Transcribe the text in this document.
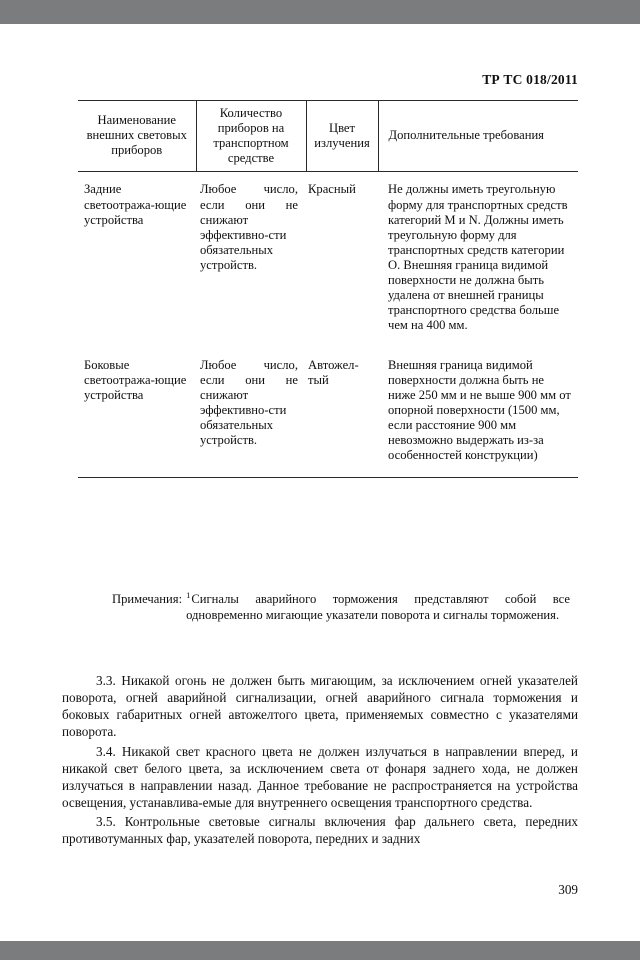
ТР ТС 018/2011
Наименование внешних световых приборов	Количество приборов на транспортном средстве	Цвет излучения	Дополнительные требования
Задние светоотража-ющие устройства	Любое число, если они не снижают эффективно-сти обязательных устройств.	Красный	Не должны иметь треугольную форму для транспортных средств категорий M и N. Должны иметь треугольную форму для транспортных средств категории O. Внешняя граница видимой поверхности не должна быть удалена от внешней границы транспортного средства больше чем на 400 мм.
Боковые светоотража-ющие устройства	Любое число, если они не снижают эффективно-сти обязательных устройств.	Автожел-тый	Внешняя граница видимой поверхности должна быть не ниже 250 мм и не выше 900 мм от опорной поверхности (1500 мм, если расстояние 900 мм невозможно выдержать из-за особенностей конструкции)
Примечания: $^1$Сигналы аварийного торможения представляют собой все одновременно мигающие указатели поворота и сигналы торможения.

3.3. Никакой огонь не должен быть мигающим, за исключением огней указателей поворота, огней аварийной сигнализации, огней аварийного сигнала торможения и боковых габаритных огней автожелтого цвета, применяемых совместно с указателями поворота.

3.4. Никакой свет красного цвета не должен излучаться в направлении вперед, и никакой свет белого цвета, за исключением света от фонаря заднего хода, не должен излучаться в направлении назад. Данное требование не распространяется на устройства освещения, устанавлива-емые для внутреннего освещения транспортного средства.

3.5. Контрольные световые сигналы включения фар дальнего света, передних противотуманных фар, указателей поворота, передних и задних

309
